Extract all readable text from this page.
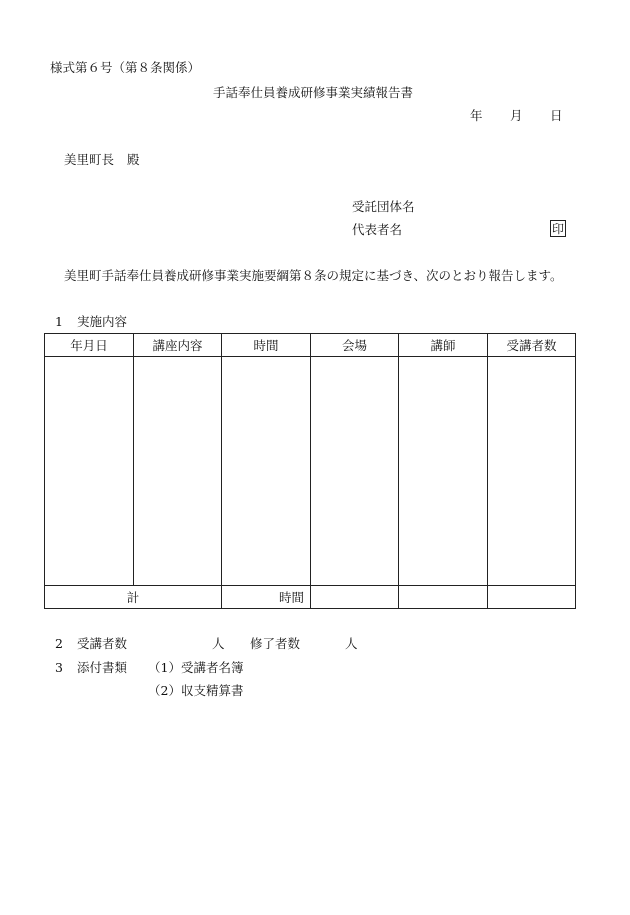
様式第６号（第８条関係）
手話奉仕員養成研修事業実績報告書
年 月 日
美里町長 殿
受託団体名
代表者名	印
美里町手話奉仕員養成研修事業実施要綱第８条の規定に基づき、次のとおり報告します。
1 実施内容
年月日	講座内容	時間	会場	講師	受講者数

計		時間			
2 受講者数	人 修了者数	人
3 添付書類 （1）受講者名簿
（2）収支精算書
